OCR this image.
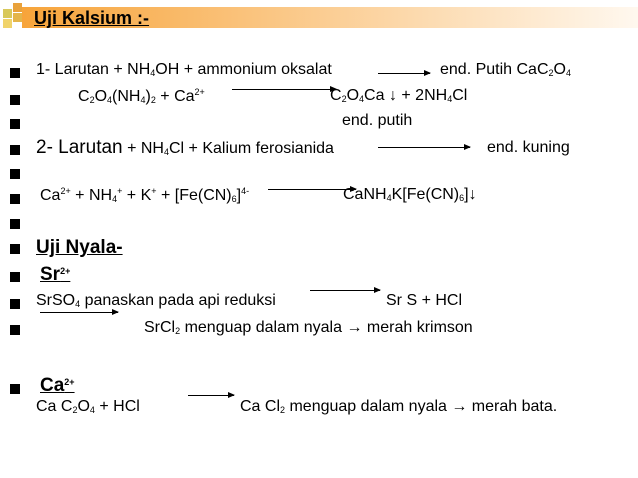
Uji Kalsium :-
1- Larutan + $NH_4OH$ + ammonium oksalat	→ end. Putih $CaC_2O_4$
$C_2O_4(NH_4)_2 + Ca^{2+}$	$C_2O_4Ca$ ↓ + $2NH_4Cl$
end. putih
2- Larutan + $NH_4Cl$ + Kalium ferosianida	end. kuning
$Ca^{2+} + NH_4^+ + K^+ + [Fe(CN)_6]^{4-}$	$CaNH_4K[Fe(CN)_6]↓$
Uji Nyala-
$Sr^{2+}$
SrSO$_4$ panaskan pada api reduksi	Sr S + HCl
SrCl$_2$ menguap dalam nyala → merah krimson
$Ca^{2+}$
Ca $C_2O_4$ + HCl	Ca $Cl_2$ menguap dalam nyala → merah bata.
